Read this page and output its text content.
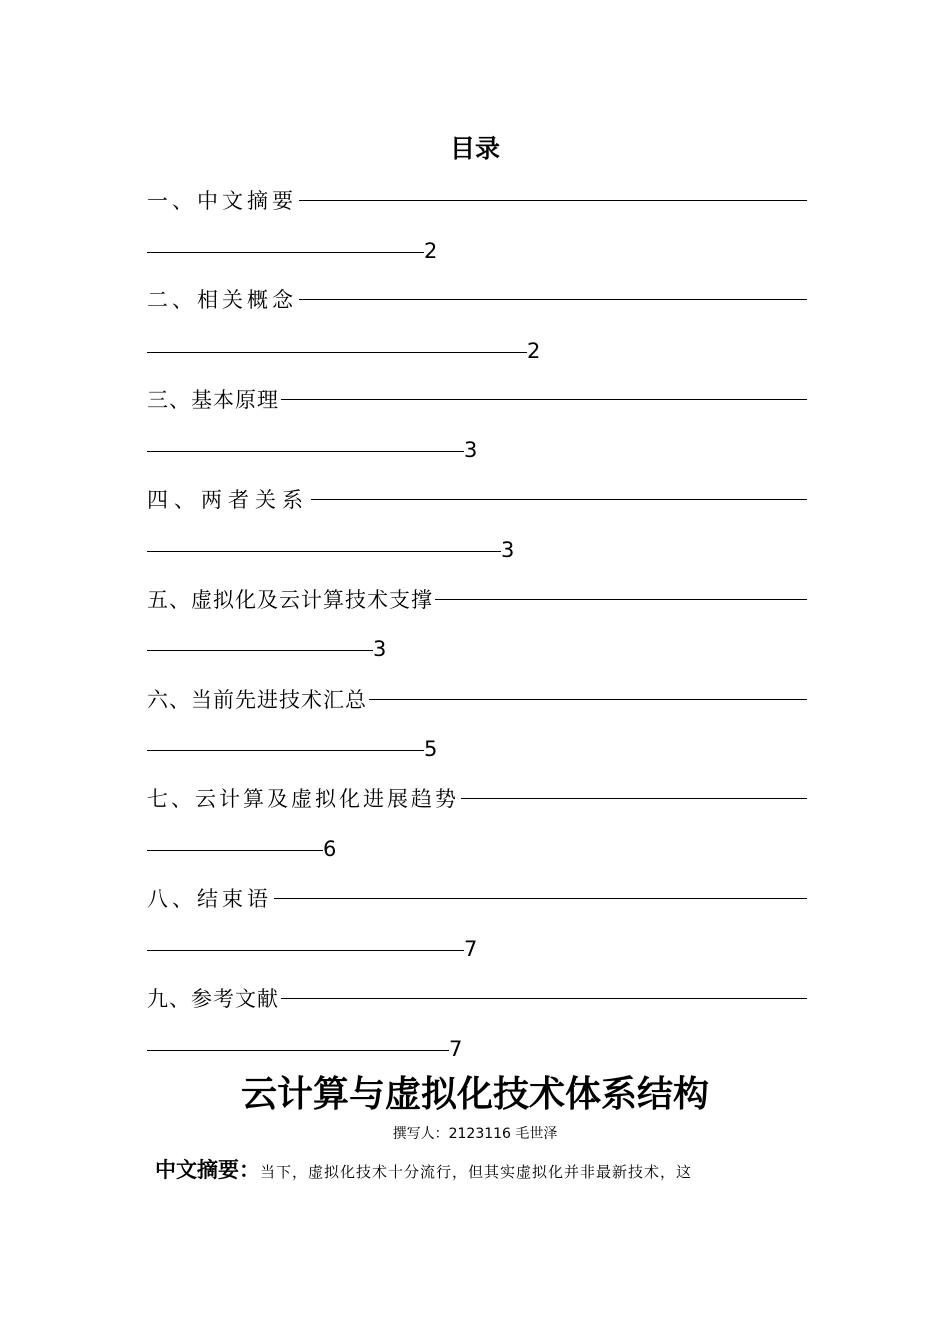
目录
一、中文摘要
2
二、相关概念
2
三、基本原理
3
四、两者关系
3
五、虚拟化及云计算技术支撑
3
六、当前先进技术汇总
5
七、云计算及虚拟化进展趋势
6
八、结束语
7
九、参考文献
7
云计算与虚拟化技术体系结构
撰写人：2123116 毛世泽
中文摘要：当下，虚拟化技术十分流行，但其实虚拟化并非最新技术，这
